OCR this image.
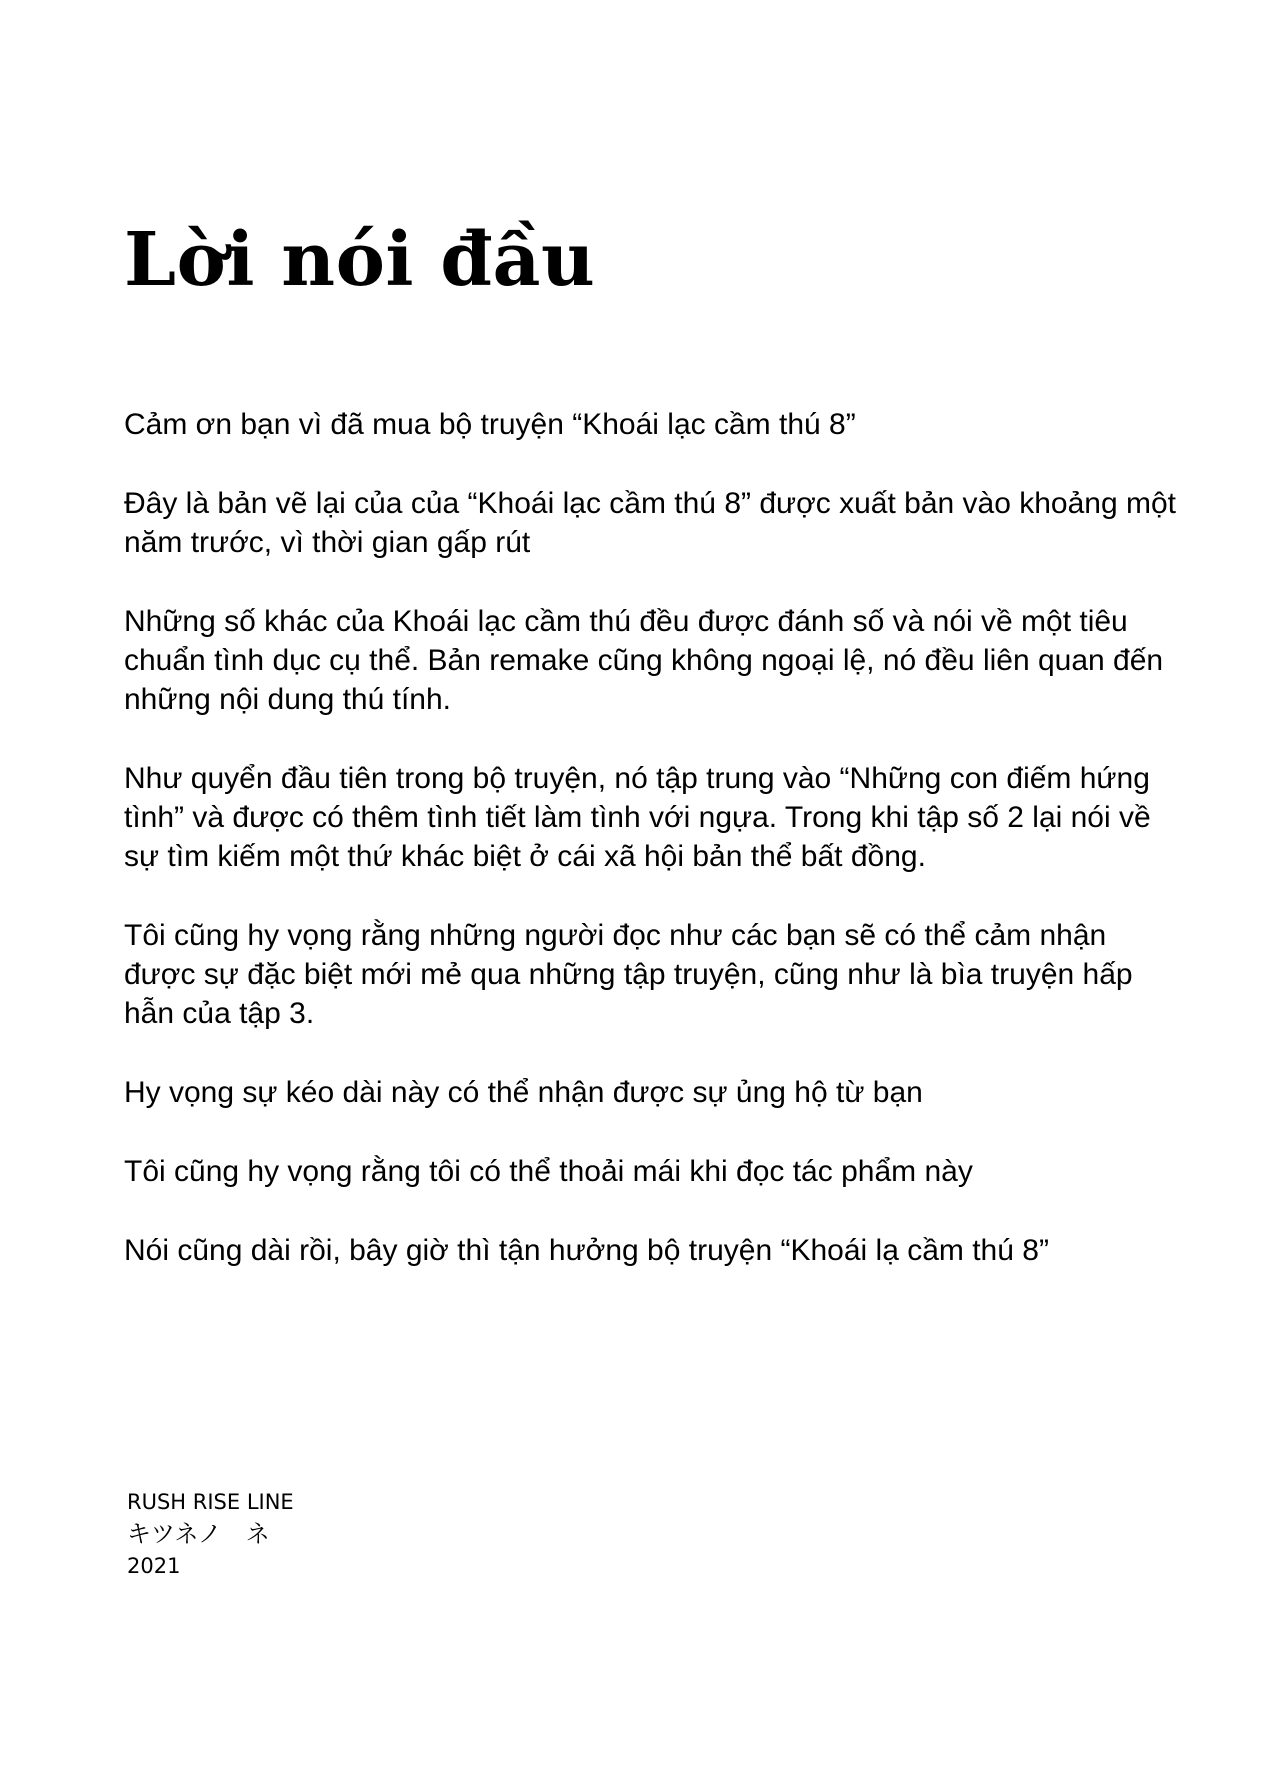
Lời nói đầu

Cảm ơn bạn vì đã mua bộ truyện “Khoái lạc cầm thú 8”

Đây là bản vẽ lại của của “Khoái lạc cầm thú 8” được xuất bản vào khoảng một năm trước, vì thời gian gấp rút

Những số khác của Khoái lạc cầm thú đều được đánh số và nói về một tiêu chuẩn tình dục cụ thể. Bản remake cũng không ngoại lệ, nó đều liên quan đến những nội dung thú tính.

Như quyển đầu tiên trong bộ truyện, nó tập trung vào “Những con điếm hứng tình” và được có thêm tình tiết làm tình với ngựa. Trong khi tập số 2 lại nói về sự tìm kiếm một thứ khác biệt ở cái xã hội bản thể bất đồng.

Tôi cũng hy vọng rằng những người đọc như các bạn sẽ có thể cảm nhận được sự đặc biệt mới mẻ qua những tập truyện, cũng như là bìa truyện hấp hẫn của tập 3.

Hy vọng sự kéo dài này có thể nhận được sự ủng hộ từ bạn

Tôi cũng hy vọng rằng tôi có thể thoải mái khi đọc tác phẩm này

Nói cũng dài rồi, bây giờ thì tận hưởng bộ truyện “Khoái lạ cầm thú 8”

RUSH RISE LINE
キツネノ　ネ
2021
